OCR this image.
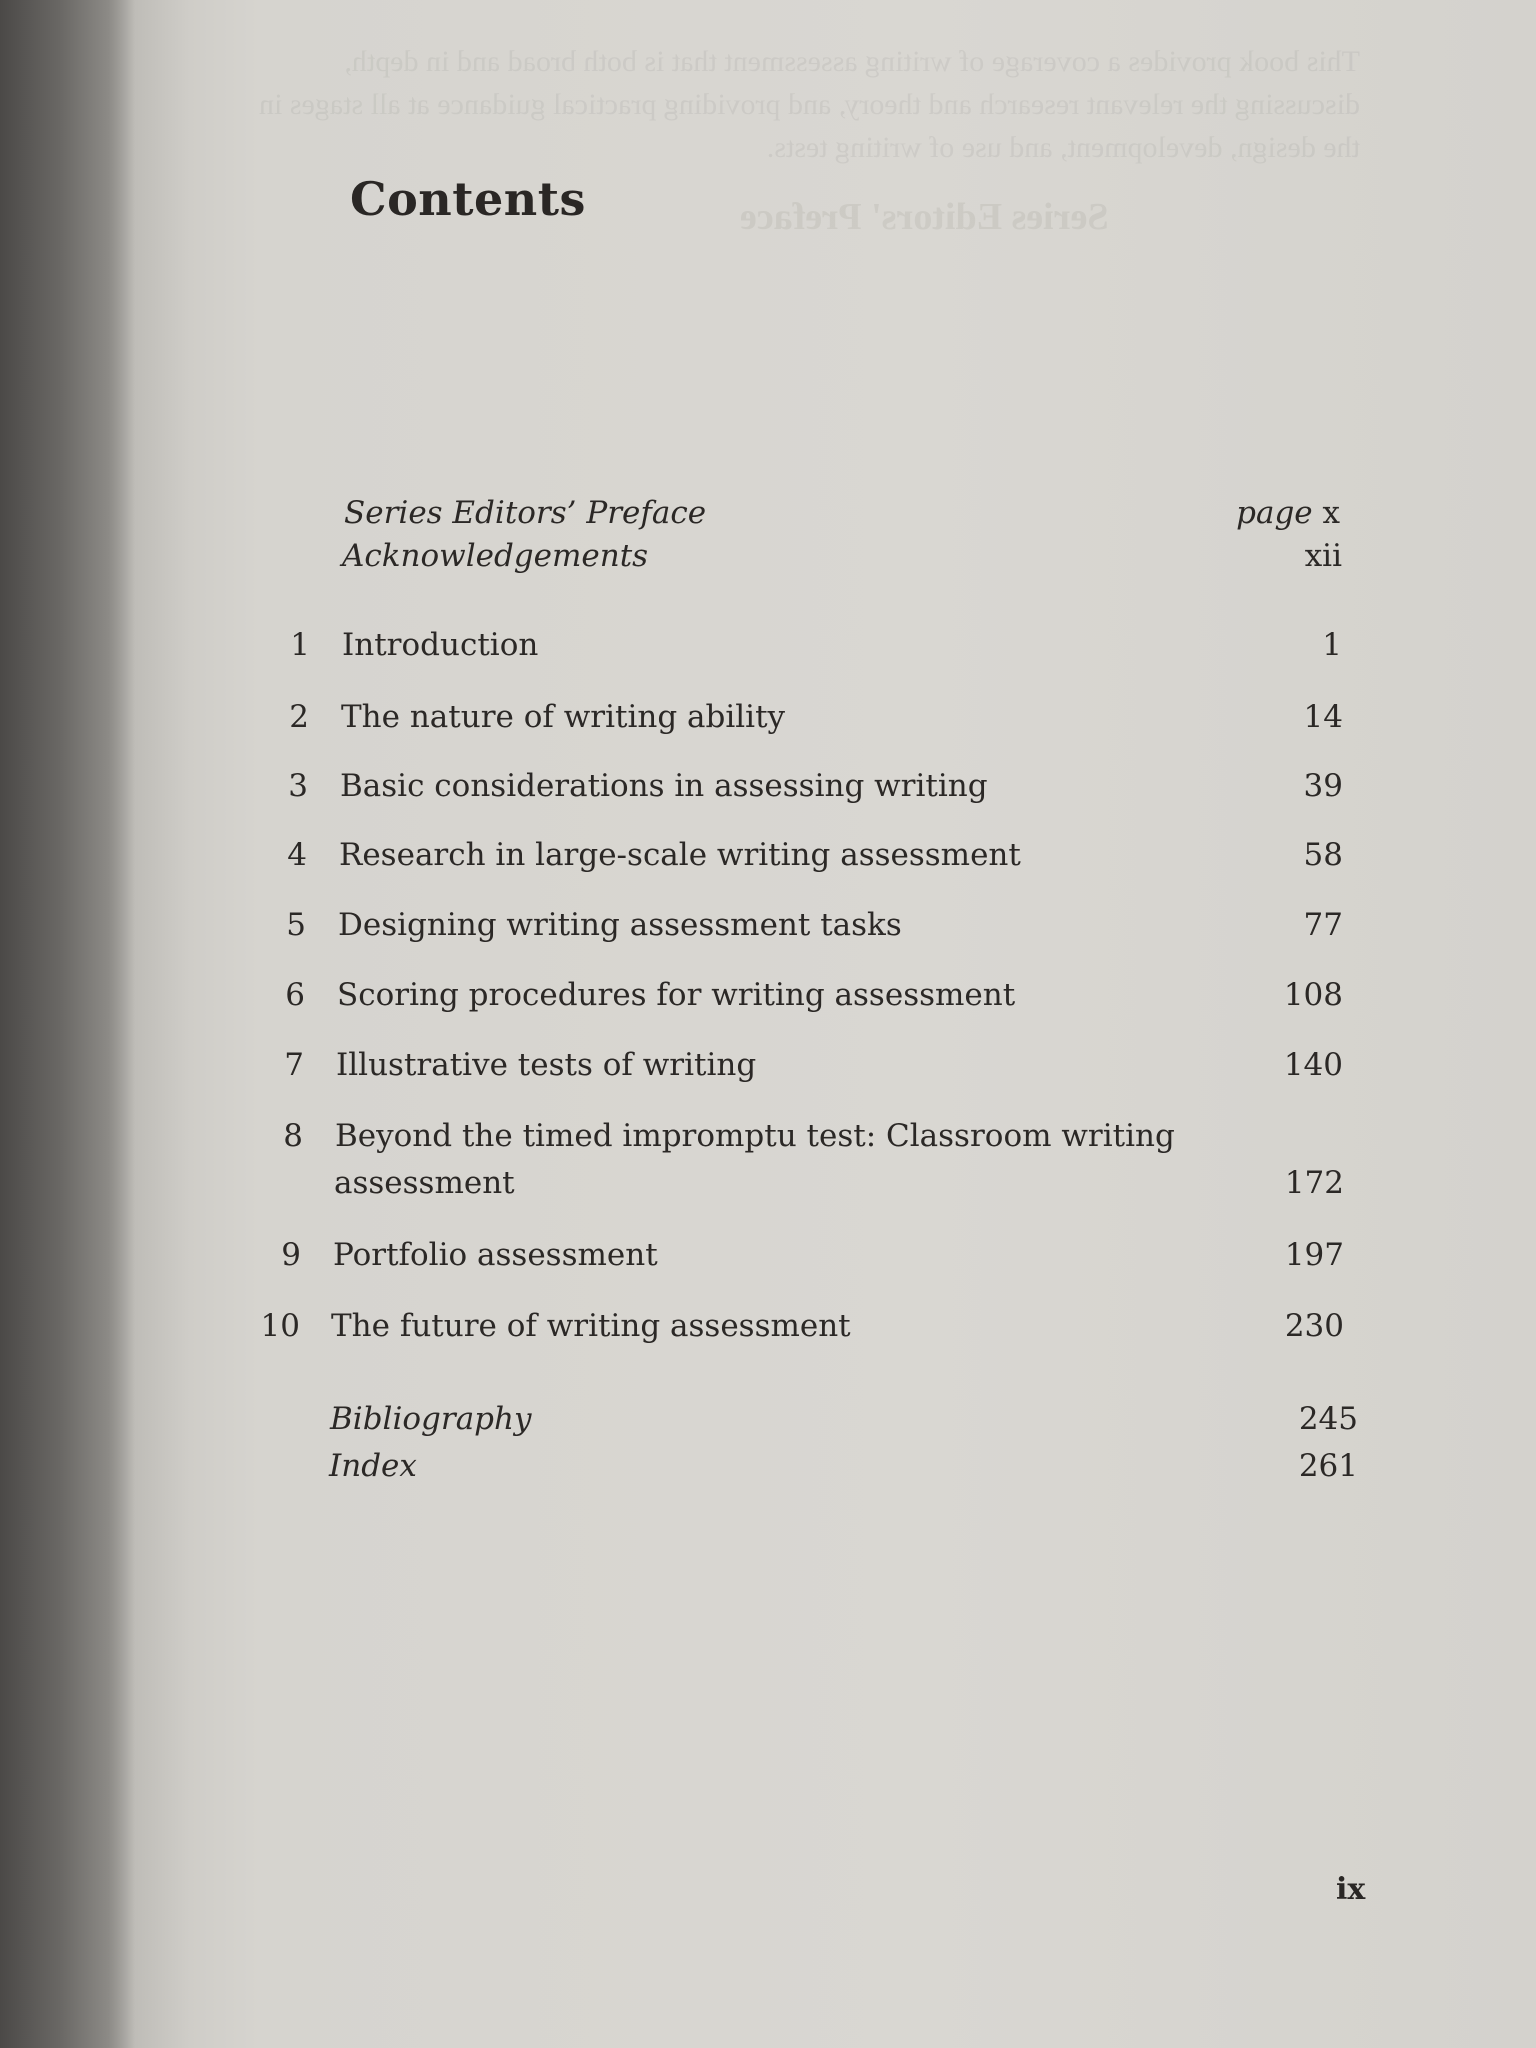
Series Editors' Preface
This book provides a coverage of writing assessment that is both broad and in depth, discussing the relevant research and theory, and providing practical guidance at all stages in the design, development, and use of writing tests.
Contents
Series Editors’ Preface	page x
Acknowledgements	xii
1 Introduction	1
2 The nature of writing ability	14
3 Basic considerations in assessing writing	39
4 Research in large-scale writing assessment	58
5 Designing writing assessment tasks	77
6 Scoring procedures for writing assessment	108
7 Illustrative tests of writing	140
8 Beyond the timed impromptu test: Classroom writing
assessment	172
9 Portfolio assessment	197
10 The future of writing assessment	230
Bibliography	245
Index	261
ix
